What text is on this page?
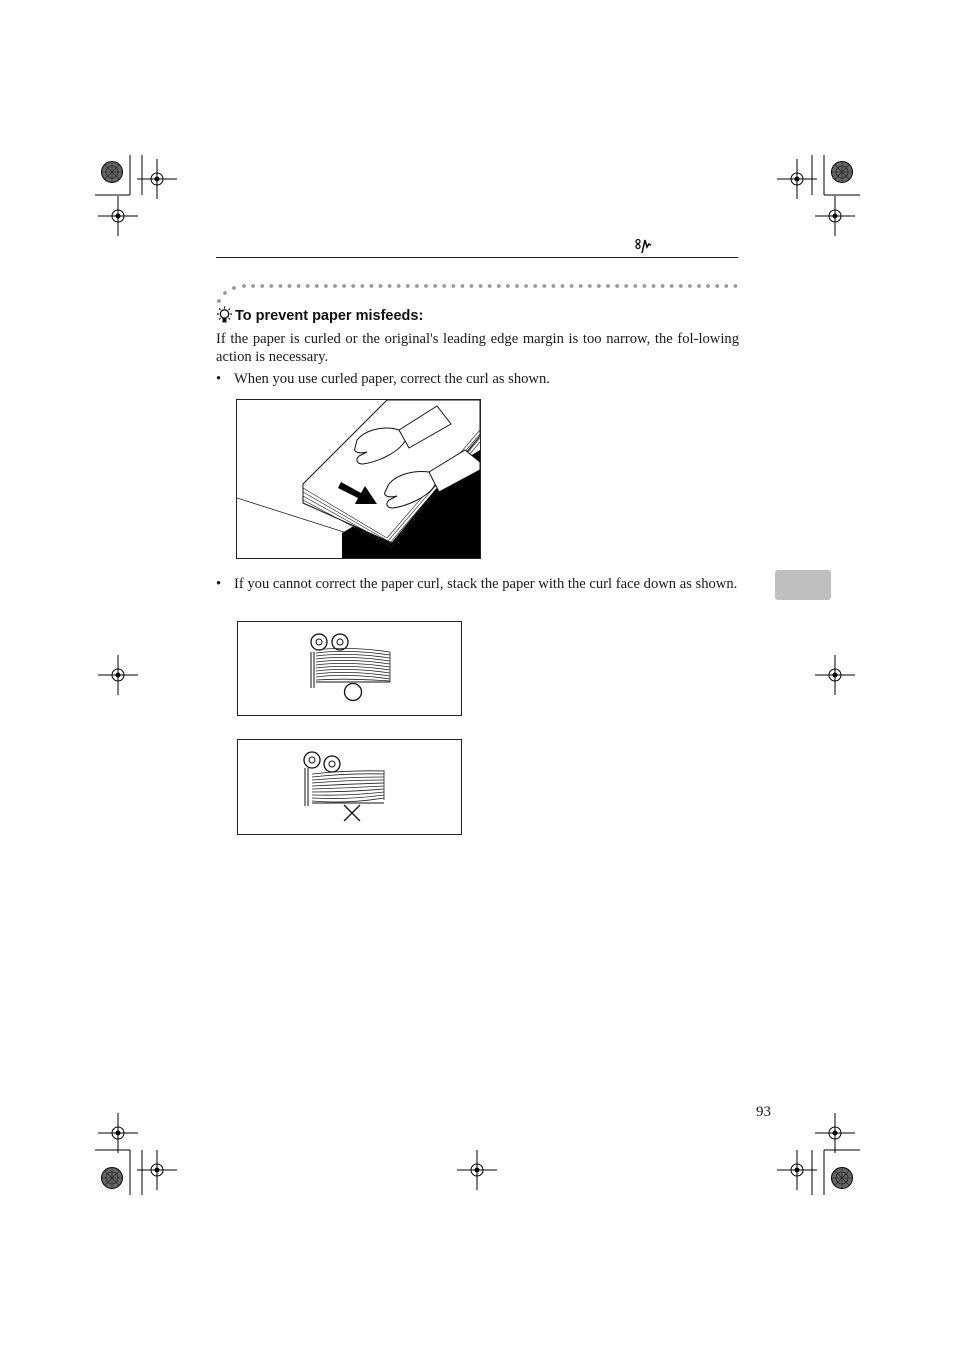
To prevent paper misfeeds:
If the paper is curled or the original's leading edge margin is too narrow, the fol-lowing action is necessary.
• When you use curled paper, correct the curl as shown.
• If you cannot correct the paper curl, stack the paper with the curl face down as shown.
93
